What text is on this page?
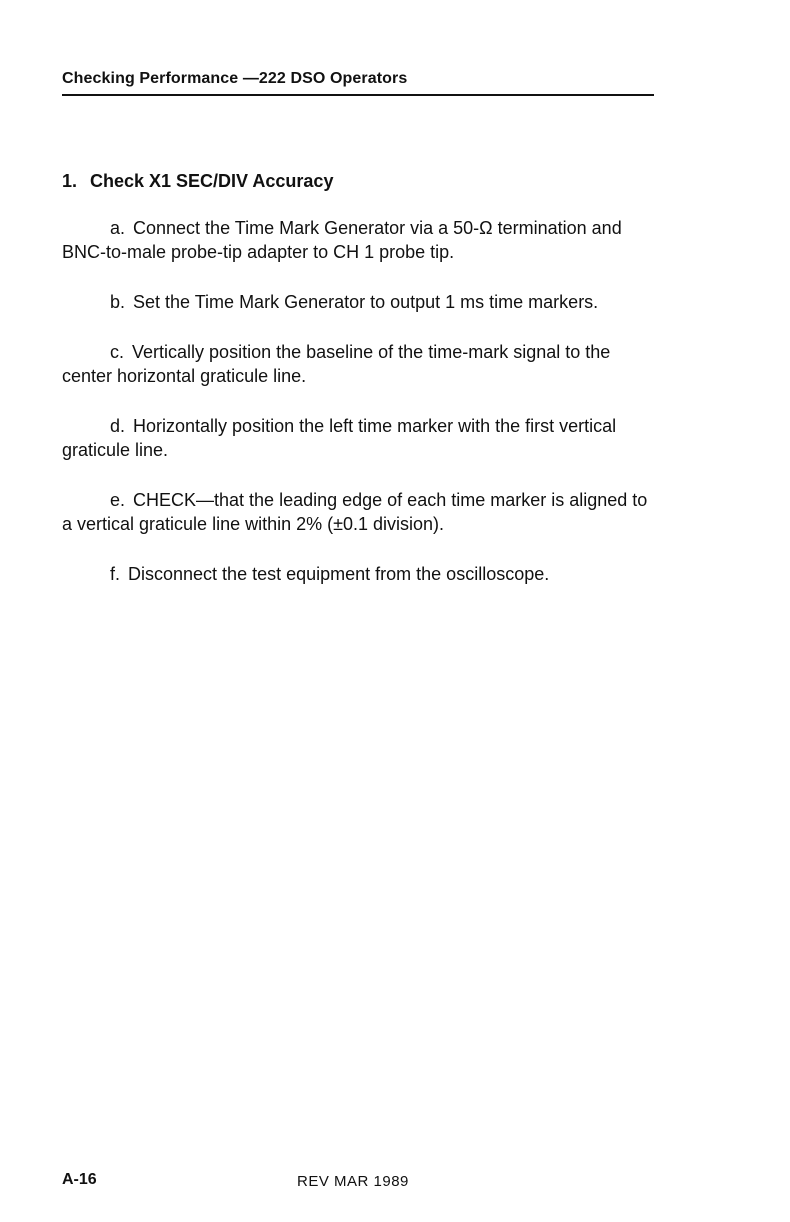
Checking Performance —222 DSO Operators
1. Check X1 SEC/DIV Accuracy
a. Connect the Time Mark Generator via a 50-Ω termination and BNC-to-male probe-tip adapter to CH 1 probe tip.
b. Set the Time Mark Generator to output 1 ms time markers.
c. Vertically position the baseline of the time-mark signal to the center horizontal graticule line.
d. Horizontally position the left time marker with the first vertical graticule line.
e. CHECK—that the leading edge of each time marker is aligned to a vertical graticule line within 2% (±0.1 division).
f. Disconnect the test equipment from the oscilloscope.
A-16	REV MAR 1989
